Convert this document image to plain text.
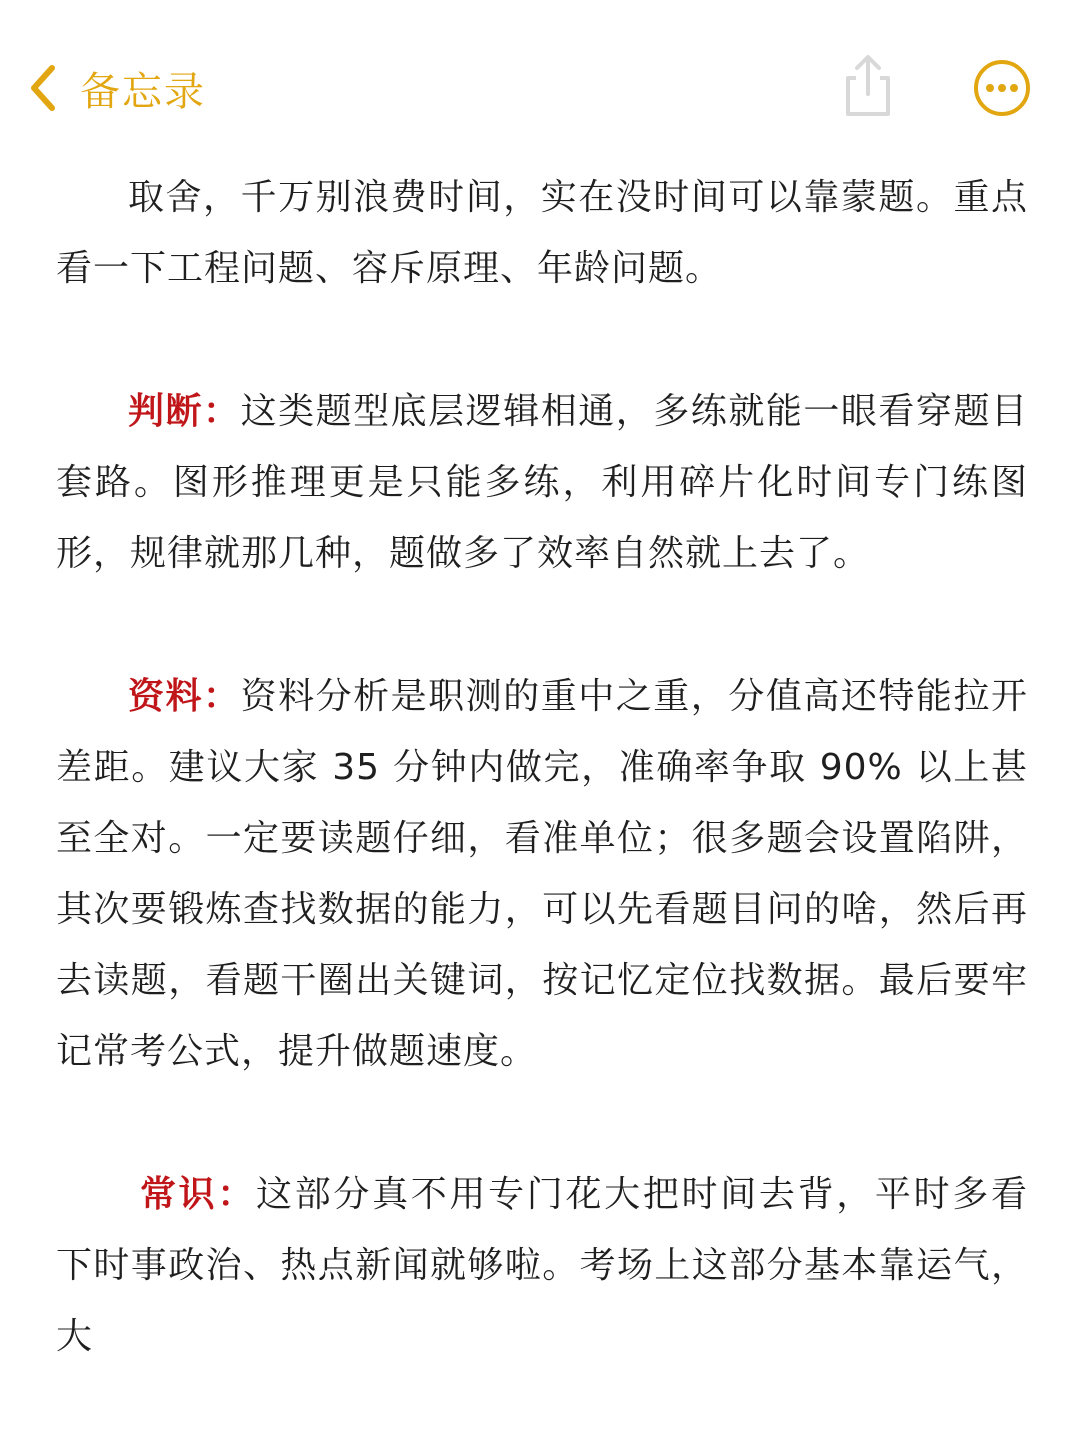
备忘录

取舍，千万别浪费时间，实在没时间可以靠蒙题。重点看一下工程问题、容斥原理、年龄问题。

判断：这类题型底层逻辑相通，多练就能一眼看穿题目套路。图形推理更是只能多练，利用碎片化时间专门练图形，规律就那几种，题做多了效率自然就上去了。

资料：资料分析是职测的重中之重，分值高还特能拉开差距。建议大家 35 分钟内做完，准确率争取 90% 以上甚至全对。一定要读题仔细，看准单位；很多题会设置陷阱，其次要锻炼查找数据的能力，可以先看题目问的啥，然后再去读题，看题干圈出关键词，按记忆定位找数据。最后要牢记常考公式，提升做题速度。

常识：这部分真不用专门花大把时间去背，平时多看下时事政治、热点新闻就够啦。考场上这部分基本靠运气，大
